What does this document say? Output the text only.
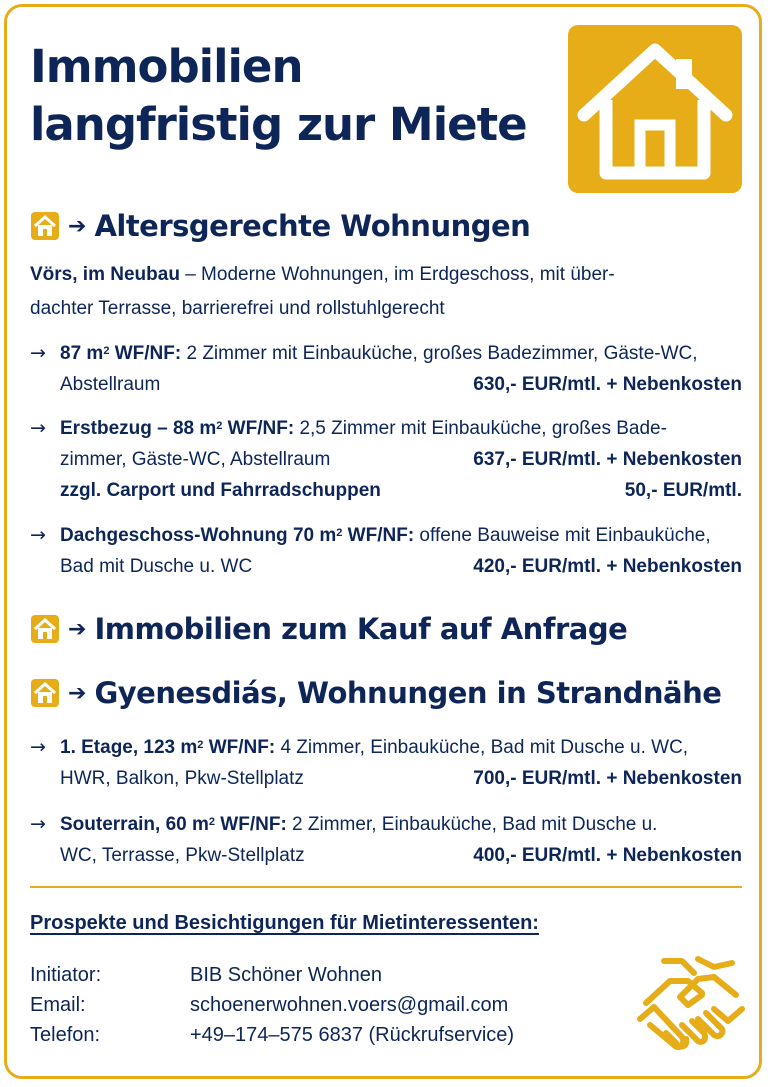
Immobilien
langfristig zur Miete
➔ Altersgerechte Wohnungen
Vörs, im Neubau – Moderne Wohnungen, im Erdgeschoss, mit über-
dachter Terrasse, barrierefrei und rollstuhlgerecht
→ 87 $m^2$ WF/NF: 2 Zimmer mit Einbauküche, großes Badezimmer, Gäste-WC,
Abstellraum	630,- EUR/mtl. + Nebenkosten
→ Erstbezug – 88 $m^2$ WF/NF: 2,5 Zimmer mit Einbauküche, großes Bade-
zimmer, Gäste-WC, Abstellraum	637,- EUR/mtl. + Nebenkosten
zzgl. Carport und Fahrradschuppen	50,- EUR/mtl.
→ Dachgeschoss-Wohnung 70 $m^2$ WF/NF: offene Bauweise mit Einbauküche,
Bad mit Dusche u. WC	420,- EUR/mtl. + Nebenkosten
➔ Immobilien zum Kauf auf Anfrage
➔ Gyenesdiás, Wohnungen in Strandnähe
→ 1. Etage, 123 $m^2$ WF/NF: 4 Zimmer, Einbauküche, Bad mit Dusche u. WC,
HWR, Balkon, Pkw-Stellplatz	700,- EUR/mtl. + Nebenkosten
→ Souterrain, 60 $m^2$ WF/NF: 2 Zimmer, Einbauküche, Bad mit Dusche u.
WC, Terrasse, Pkw-Stellplatz	400,- EUR/mtl. + Nebenkosten
Prospekte und Besichtigungen für Mietinteressenten:
Initiator:	BIB Schöner Wohnen
Email:	schoenerwohnen.voers@gmail.com
Telefon:	+49–174–575 6837 (Rückrufservice)
